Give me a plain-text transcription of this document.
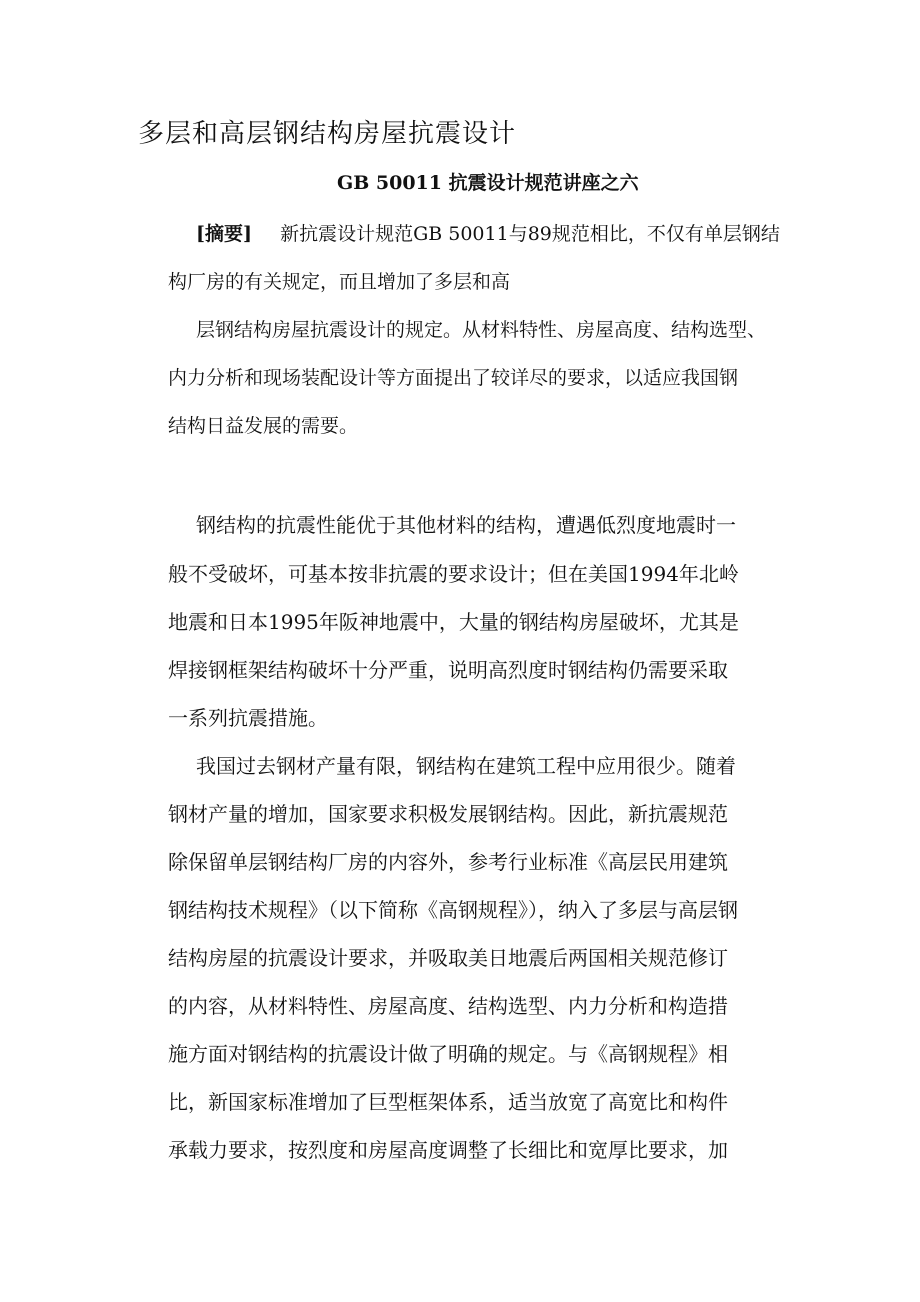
多层和高层钢结构房屋抗震设计
GB 50011 抗震设计规范讲座之六
[摘要] 新抗震设计规范GB 50011与89规范相比，不仅有单层钢结
构厂房的有关规定，而且增加了多层和高
层钢结构房屋抗震设计的规定。从材料特性、房屋高度、结构选型、
内力分析和现场装配设计等方面提出了较详尽的要求，以适应我国钢
结构日益发展的需要。
钢结构的抗震性能优于其他材料的结构，遭遇低烈度地震时一
般不受破坏，可基本按非抗震的要求设计；但在美国1994年北岭
地震和日本1995年阪神地震中，大量的钢结构房屋破坏，尤其是
焊接钢框架结构破坏十分严重，说明高烈度时钢结构仍需要采取
一系列抗震措施。
我国过去钢材产量有限，钢结构在建筑工程中应用很少。随着
钢材产量的增加，国家要求积极发展钢结构。因此，新抗震规范
除保留单层钢结构厂房的内容外，参考行业标准《高层民用建筑
钢结构技术规程》（以下简称《高钢规程》），纳入了多层与高层钢
结构房屋的抗震设计要求，并吸取美日地震后两国相关规范修订
的内容，从材料特性、房屋高度、结构选型、内力分析和构造措
施方面对钢结构的抗震设计做了明确的规定。与《高钢规程》相
比，新国家标准增加了巨型框架体系，适当放宽了高宽比和构件
承载力要求，按烈度和房屋高度调整了长细比和宽厚比要求，加
